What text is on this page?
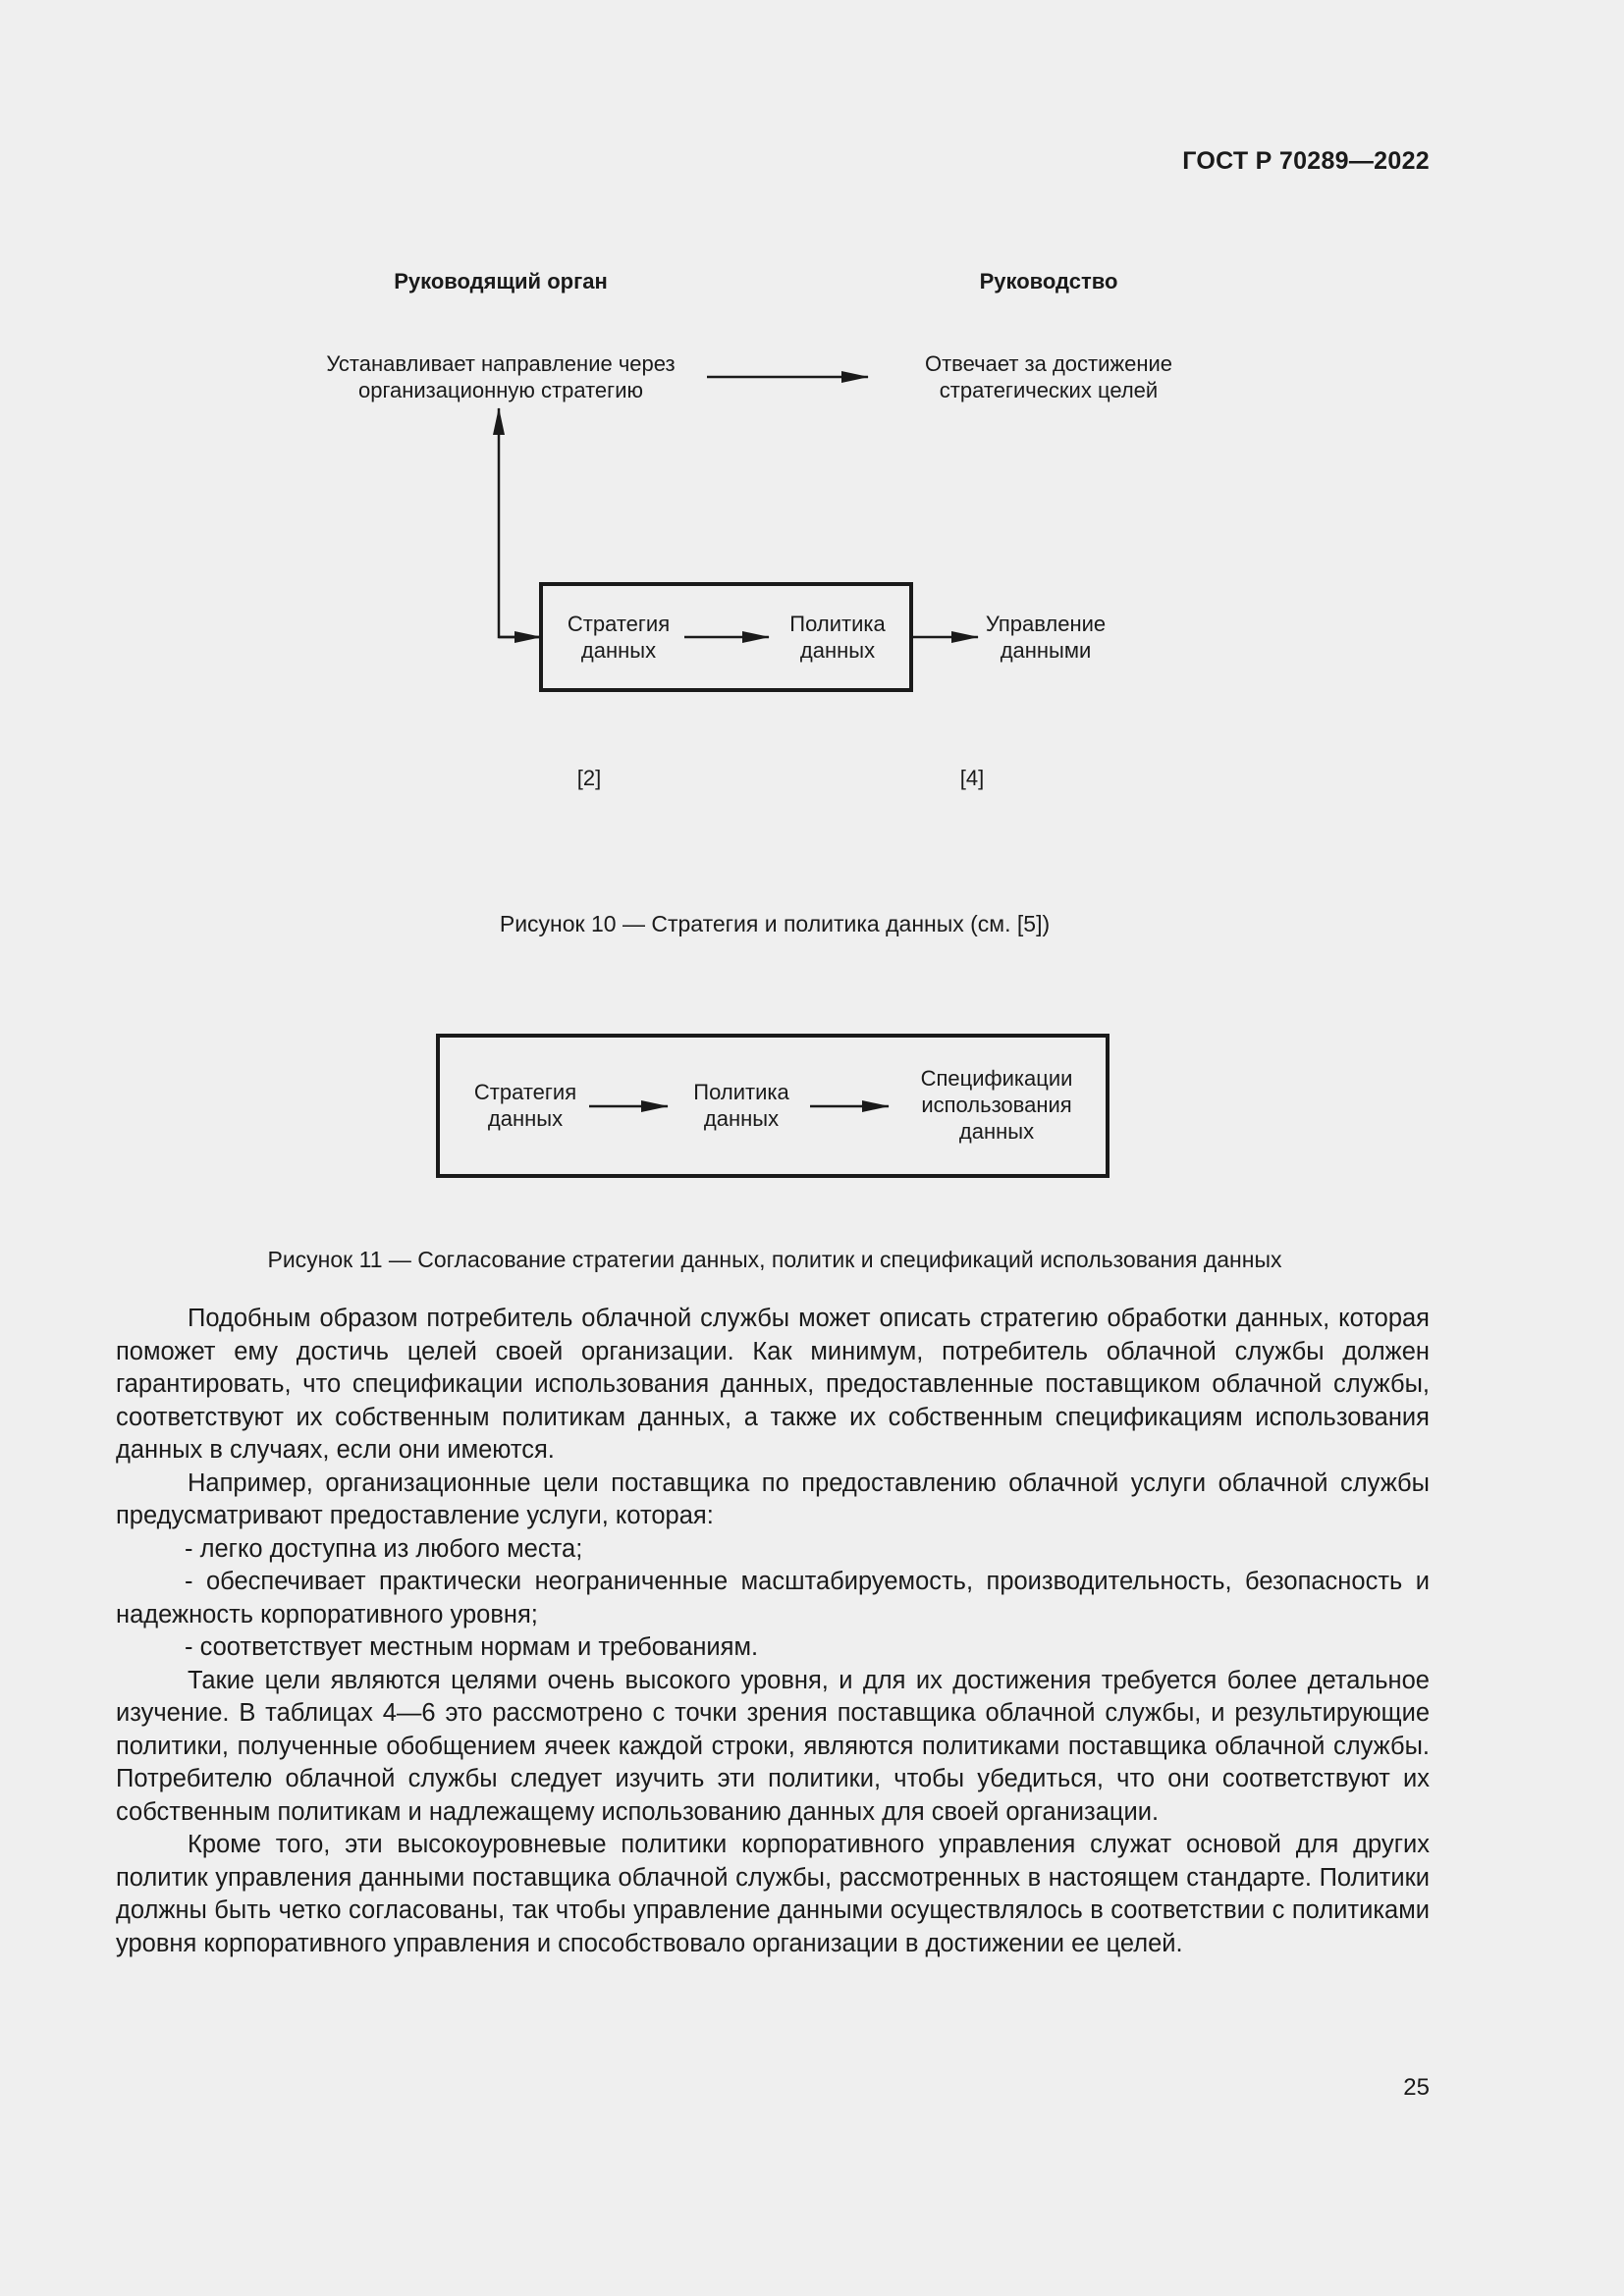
ГОСТ Р 70289—2022
Руководящий орган	Руководство
Устанавливает направление через
организационную стратегию
Отвечает за достижение
стратегических целей
Стратегия
данных
Политика
данных
Управление
данными
[2]	[4]
Рисунок 10 — Стратегия и политика данных (см. [5])
Стратегия
данных
Политика
данных
Спецификации
использования
данных
Рисунок 11 — Согласование стратегии данных, политик и спецификаций использования данных

Подобным образом потребитель облачной службы может описать стратегию обработки данных, которая поможет ему достичь целей своей организации. Как минимум, потребитель облачной службы должен гарантировать, что спецификации использования данных, предоставленные поставщиком облачной службы, соответствуют их собственным политикам данных, а также их собственным спецификациям использования данных в случаях, если они имеются.

Например, организационные цели поставщика по предоставлению облачной услуги облачной службы предусматривают предоставление услуги, которая:

- легко доступна из любого места;

- обеспечивает практически неограниченные масштабируемость, производительность, безопасность и надежность корпоративного уровня;

- соответствует местным нормам и требованиям.

Такие цели являются целями очень высокого уровня, и для их достижения требуется более детальное изучение. В таблицах 4—6 это рассмотрено с точки зрения поставщика облачной службы, и результирующие политики, полученные обобщением ячеек каждой строки, являются политиками поставщика облачной службы. Потребителю облачной службы следует изучить эти политики, чтобы убедиться, что они соответствуют их собственным политикам и надлежащему использованию данных для своей организации.

Кроме того, эти высокоуровневые политики корпоративного управления служат основой для других политик управления данными поставщика облачной службы, рассмотренных в настоящем стандарте. Политики должны быть четко согласованы, так чтобы управление данными осуществлялось в соответствии с политиками уровня корпоративного управления и способствовало организации в достижении ее целей.

25
